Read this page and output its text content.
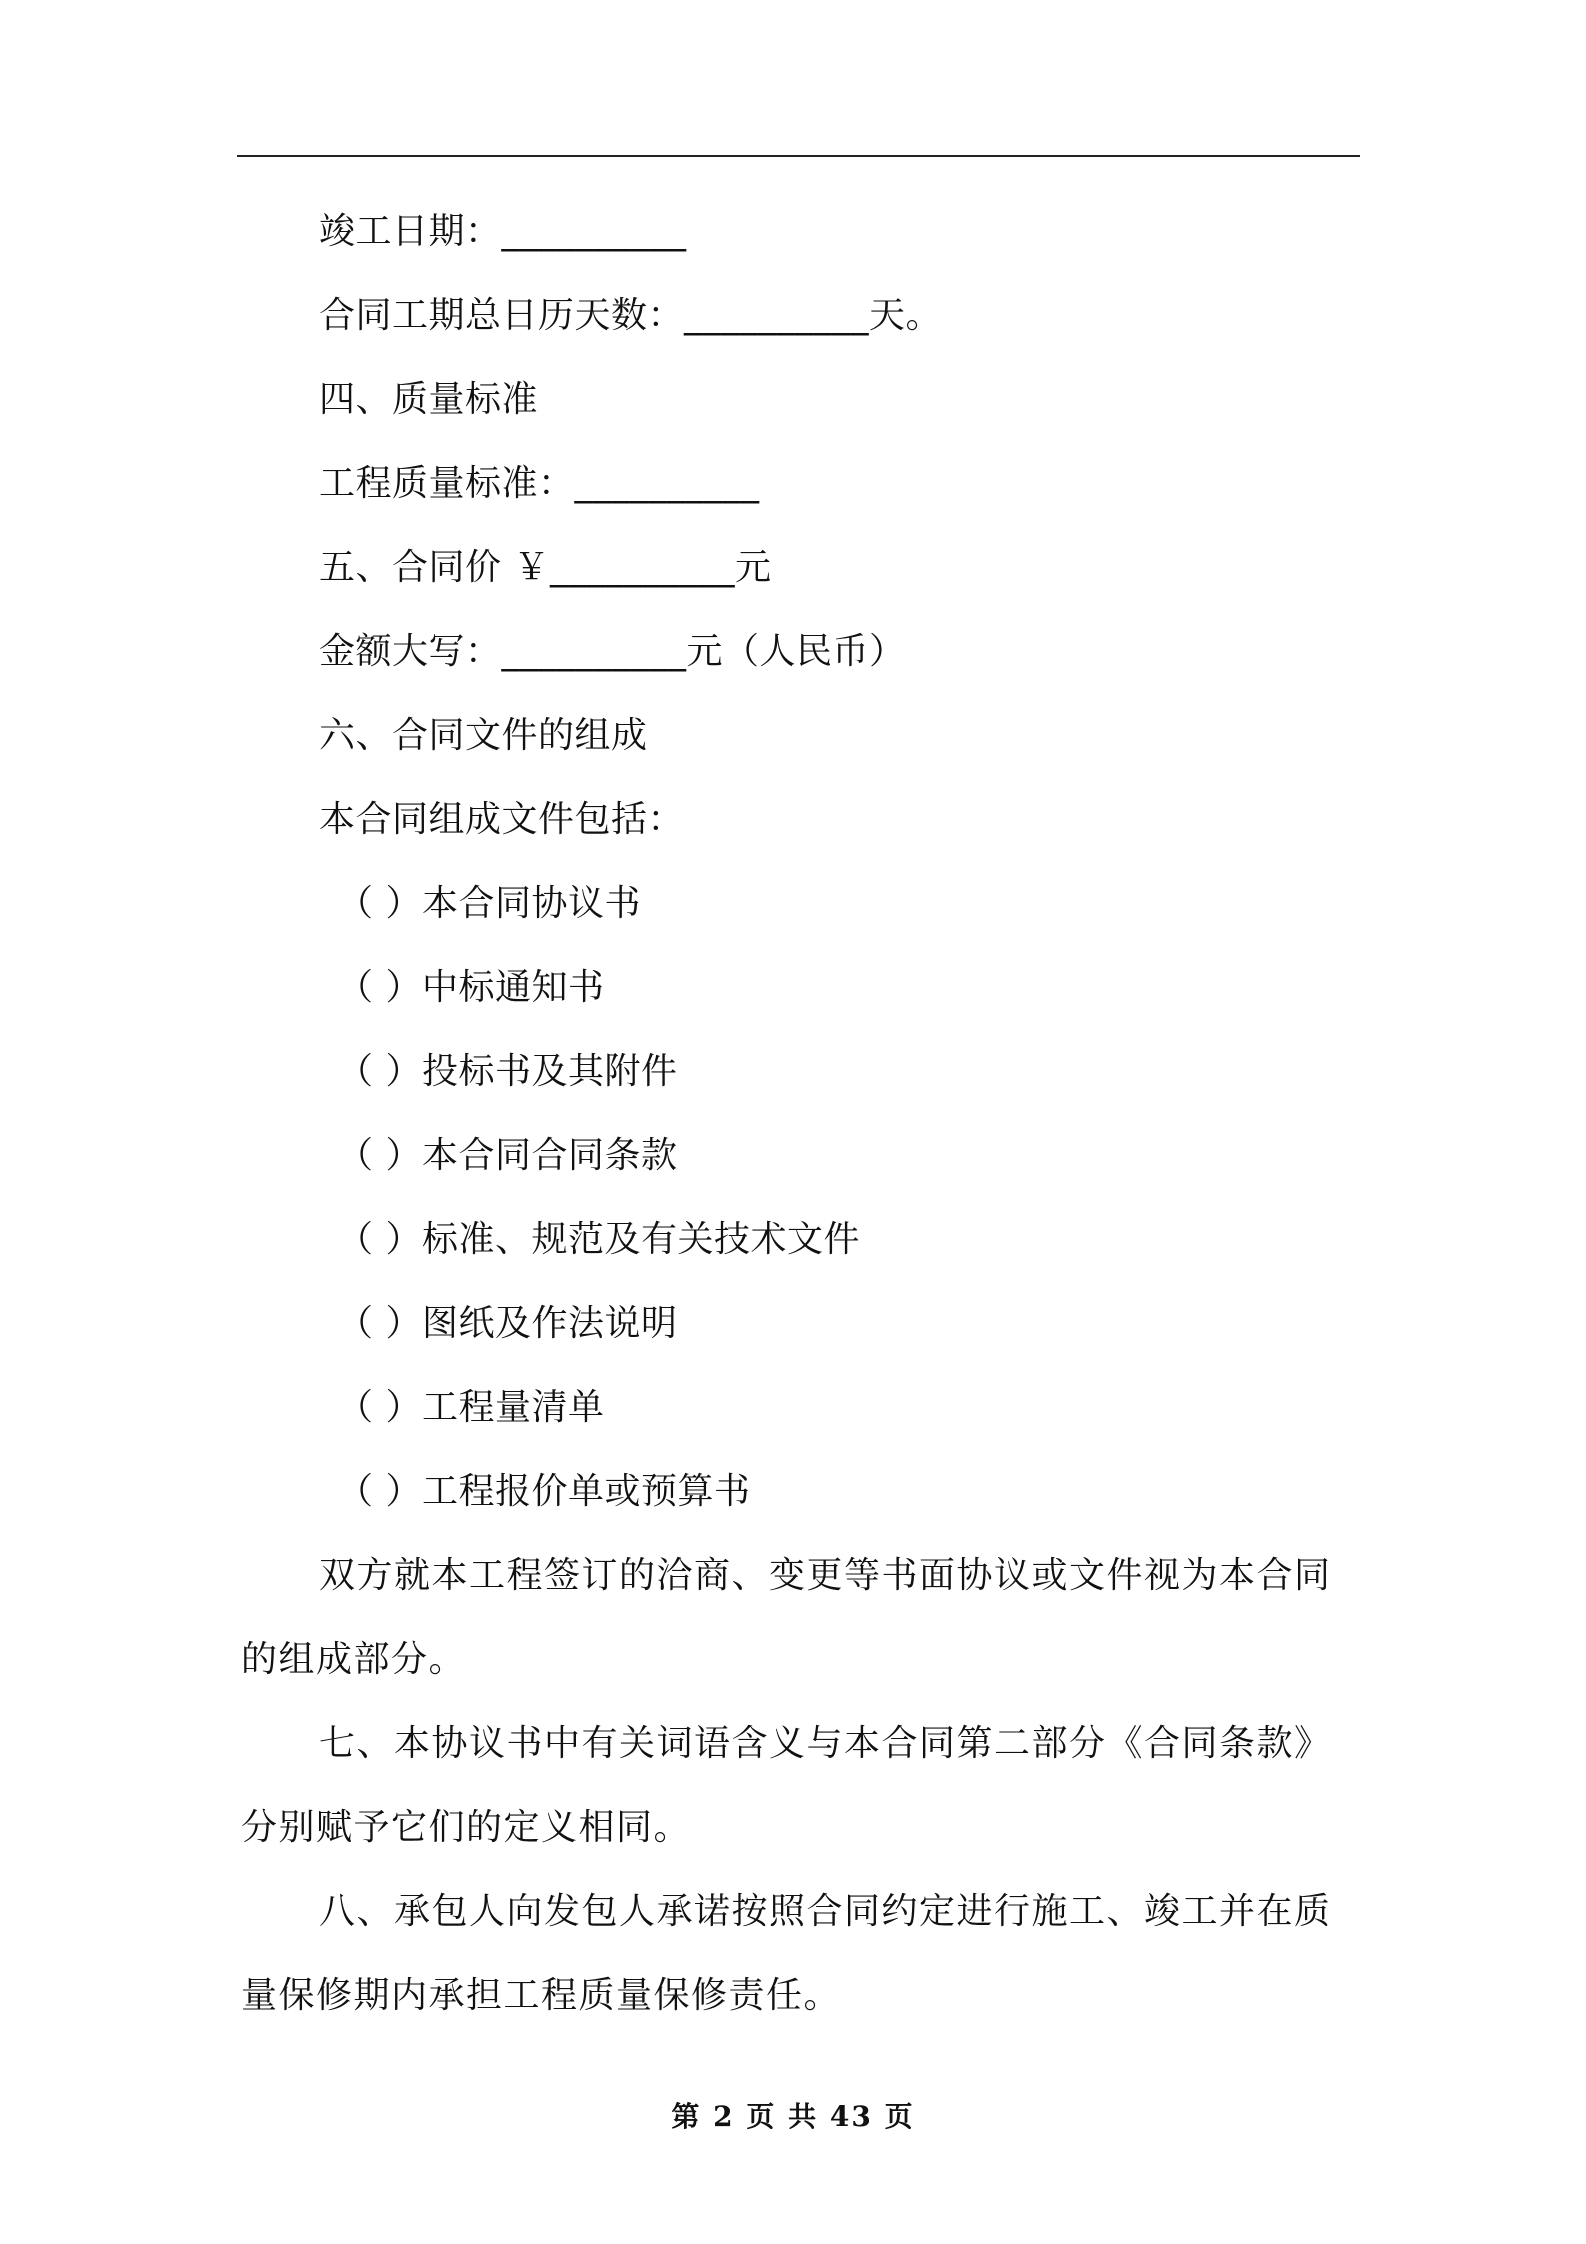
竣工日期：__________
合同工期总日历天数：__________天。
四、质量标准
工程质量标准：__________
五、合同价 ￥__________元
金额大写：__________元（人民币）
六、合同文件的组成
本合同组成文件包括：
（ ）本合同协议书
（ ）中标通知书
（ ）投标书及其附件
（ ）本合同合同条款
（ ）标准、规范及有关技术文件
（ ）图纸及作法说明
（ ）工程量清单
（ ）工程报价单或预算书
双方就本工程签订的洽商、变更等书面协议或文件视为本合同的组成部分。
七、本协议书中有关词语含义与本合同第二部分《合同条款》分别赋予它们的定义相同。
八、承包人向发包人承诺按照合同约定进行施工、竣工并在质量保修期内承担工程质量保修责任。
第 2 页 共 43 页
